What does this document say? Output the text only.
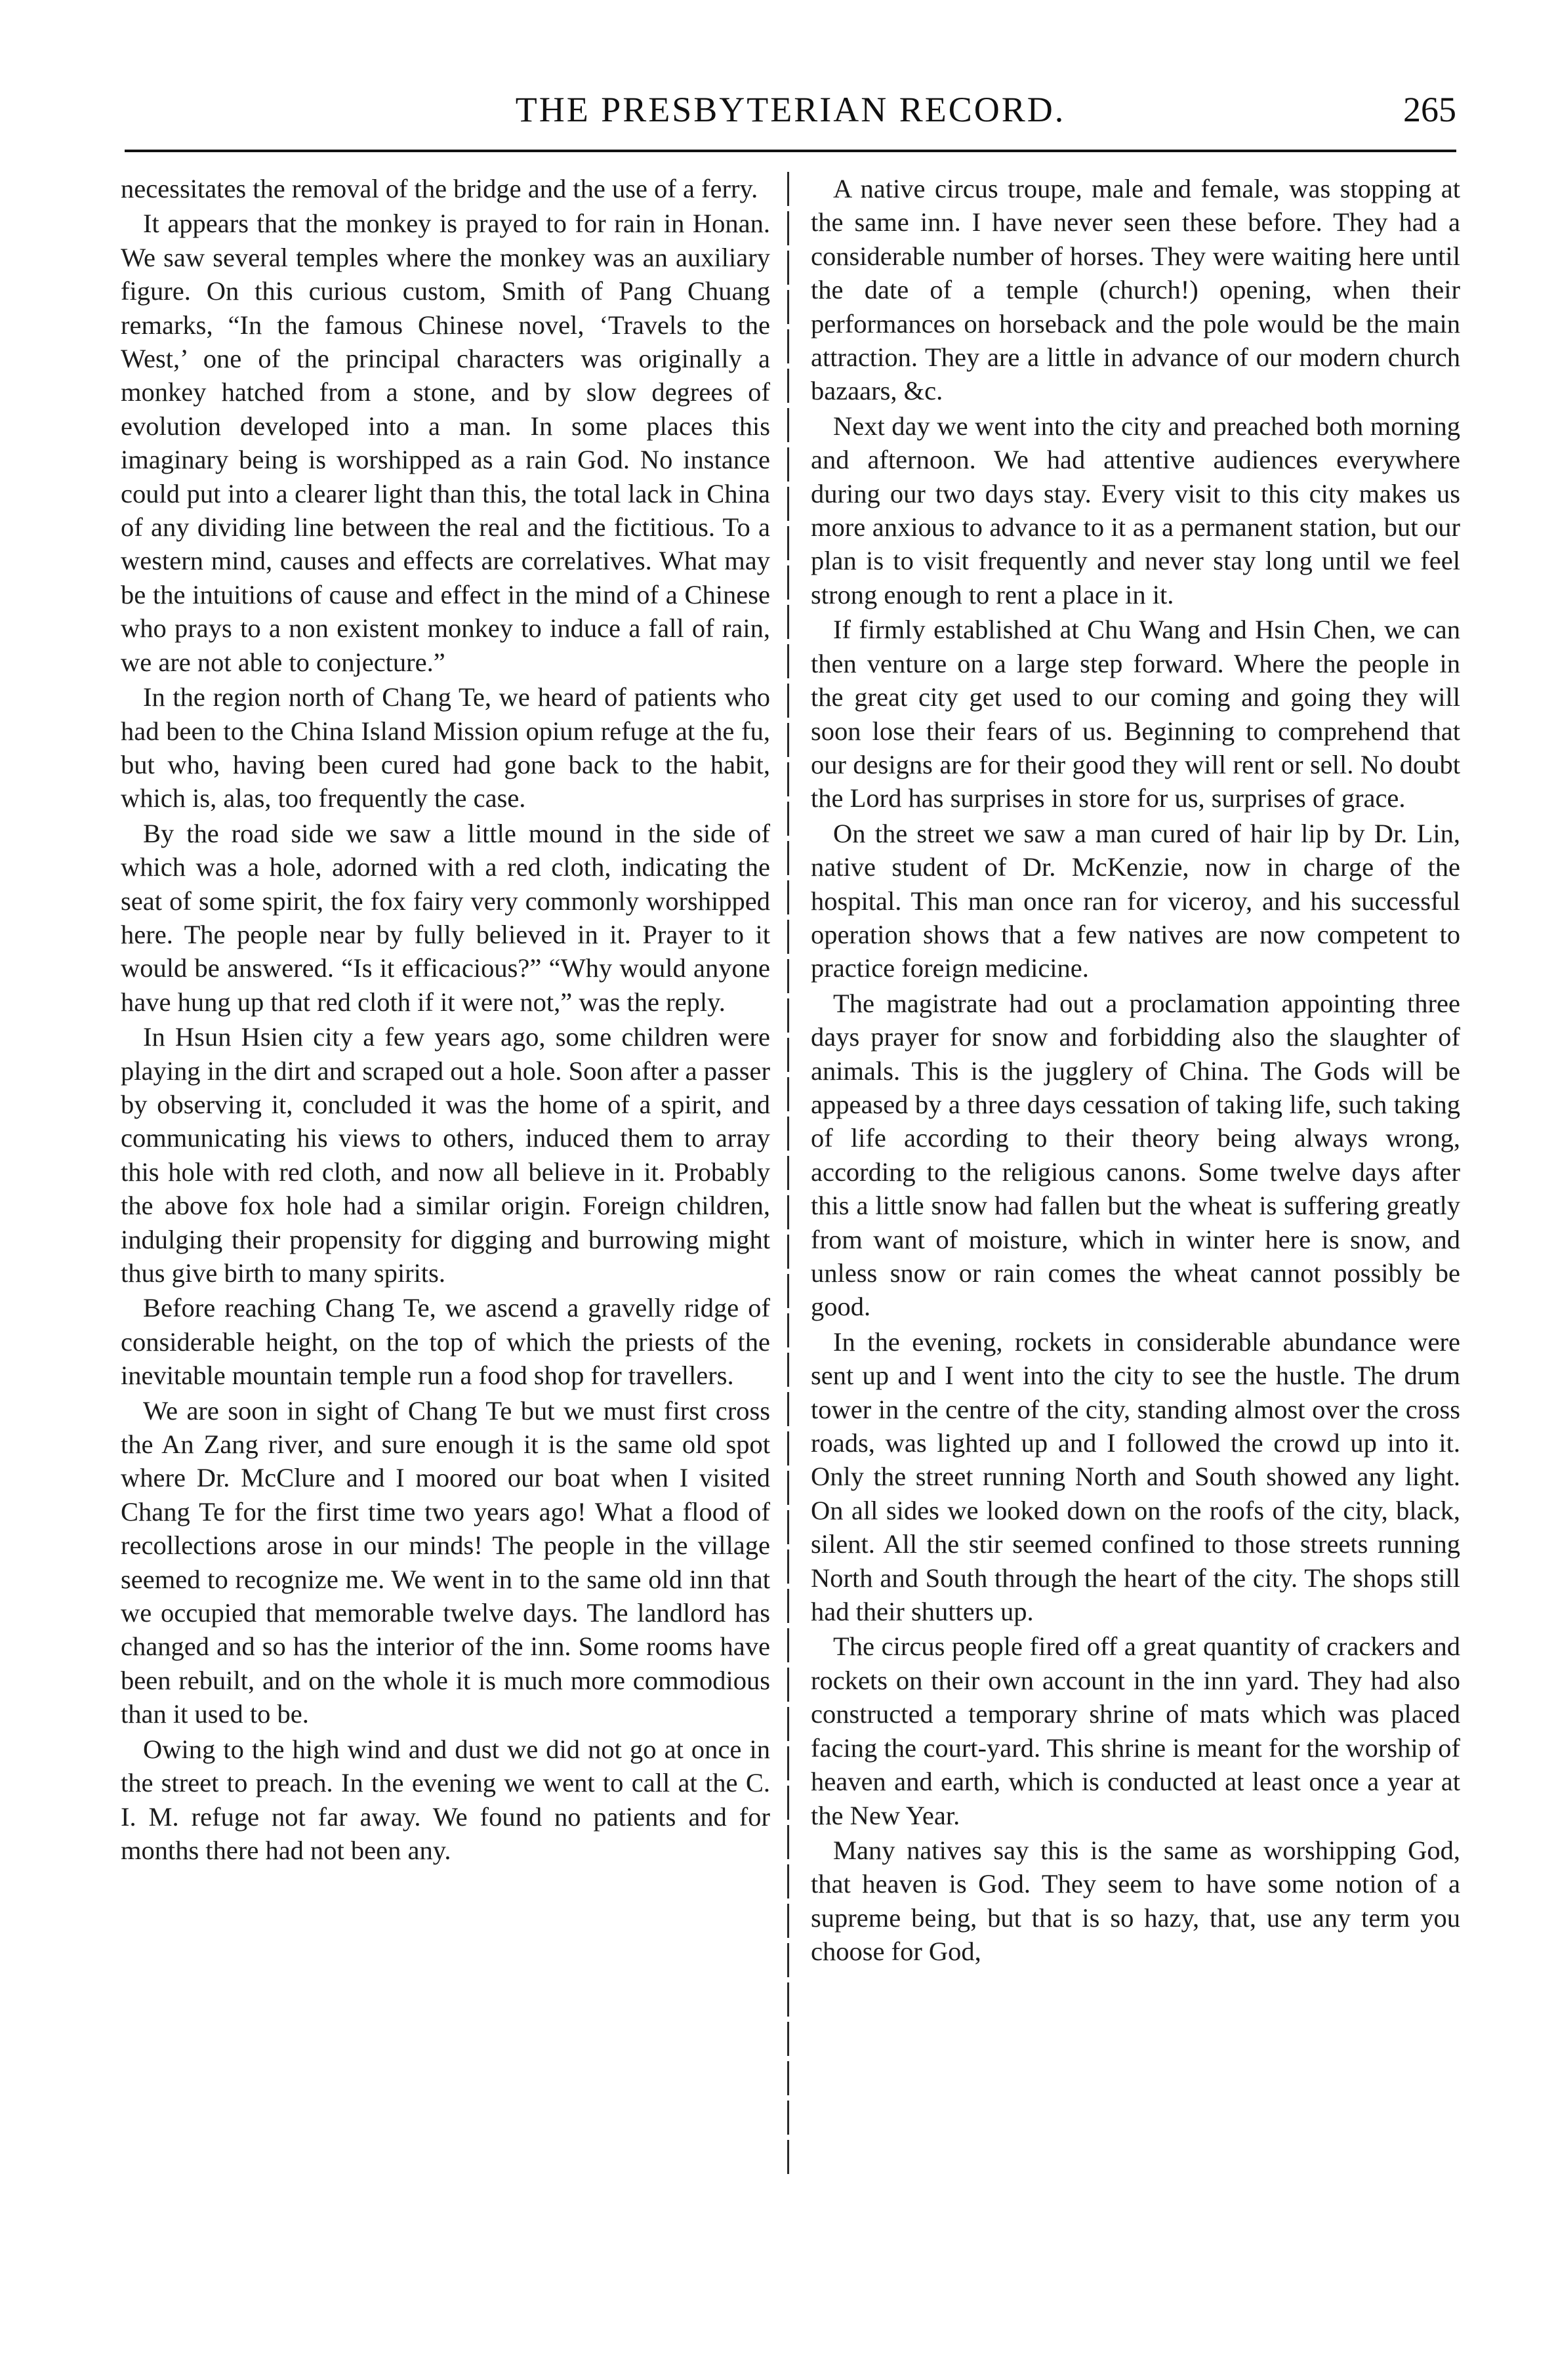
THE PRESBYTERIAN RECORD.	265

necessitates the removal of the bridge and the use of a ferry.

It appears that the monkey is prayed to for rain in Honan. We saw several temples where the monkey was an auxiliary figure. On this curious custom, Smith of Pang Chuang remarks, “In the famous Chinese novel, ‘Travels to the West,’ one of the principal characters was originally a monkey hatched from a stone, and by slow degrees of evolution developed into a man. In some places this imaginary being is worshipped as a rain God. No instance could put into a clearer light than this, the total lack in China of any dividing line between the real and the fictitious. To a western mind, causes and effects are correlatives. What may be the intuitions of cause and effect in the mind of a Chinese who prays to a non existent monkey to induce a fall of rain, we are not able to conjecture.”

In the region north of Chang Te, we heard of patients who had been to the China Island Mission opium refuge at the fu, but who, having been cured had gone back to the habit, which is, alas, too frequently the case.

By the road side we saw a little mound in the side of which was a hole, adorned with a red cloth, indicating the seat of some spirit, the fox fairy very commonly worshipped here. The people near by fully believed in it. Prayer to it would be answered. “Is it efficacious?” “Why would anyone have hung up that red cloth if it were not,” was the reply.

In Hsun Hsien city a few years ago, some children were playing in the dirt and scraped out a hole. Soon after a passer by observing it, concluded it was the home of a spirit, and communicating his views to others, induced them to array this hole with red cloth, and now all believe in it. Probably the above fox hole had a similar origin. Foreign children, indulging their propensity for digging and burrowing might thus give birth to many spirits.

Before reaching Chang Te, we ascend a gravelly ridge of considerable height, on the top of which the priests of the inevitable mountain temple run a food shop for travellers.

We are soon in sight of Chang Te but we must first cross the An Zang river, and sure enough it is the same old spot where Dr. McClure and I moored our boat when I visited Chang Te for the first time two years ago! What a flood of recollections arose in our minds! The people in the village seemed to recognize me. We went in to the same old inn that we occupied that memorable twelve days. The landlord has changed and so has the interior of the inn. Some rooms have been rebuilt, and on the whole it is much more commodious than it used to be.

Owing to the high wind and dust we did not go at once in the street to preach. In the evening we went to call at the C. I. M. refuge not far away. We found no patients and for months there had not been any.

A native circus troupe, male and female, was stopping at the same inn. I have never seen these before. They had a considerable number of horses. They were waiting here until the date of a temple (church!) opening, when their performances on horseback and the pole would be the main attraction. They are a little in advance of our modern church bazaars, &c.

Next day we went into the city and preached both morning and afternoon. We had attentive audiences everywhere during our two days stay. Every visit to this city makes us more anxious to advance to it as a permanent station, but our plan is to visit frequently and never stay long until we feel strong enough to rent a place in it.

If firmly established at Chu Wang and Hsin Chen, we can then venture on a large step forward. Where the people in the great city get used to our coming and going they will soon lose their fears of us. Beginning to comprehend that our designs are for their good they will rent or sell. No doubt the Lord has surprises in store for us, surprises of grace.

On the street we saw a man cured of hair lip by Dr. Lin, native student of Dr. McKenzie, now in charge of the hospital. This man once ran for viceroy, and his successful operation shows that a few natives are now competent to practice foreign medicine.

The magistrate had out a proclamation appointing three days prayer for snow and forbidding also the slaughter of animals. This is the jugglery of China. The Gods will be appeased by a three days cessation of taking life, such taking of life according to their theory being always wrong, according to the religious canons. Some twelve days after this a little snow had fallen but the wheat is suffering greatly from want of moisture, which in winter here is snow, and unless snow or rain comes the wheat cannot possibly be good.

In the evening, rockets in considerable abundance were sent up and I went into the city to see the hustle. The drum tower in the centre of the city, standing almost over the cross roads, was lighted up and I followed the crowd up into it. Only the street running North and South showed any light. On all sides we looked down on the roofs of the city, black, silent. All the stir seemed confined to those streets running North and South through the heart of the city. The shops still had their shutters up.

The circus people fired off a great quantity of crackers and rockets on their own account in the inn yard. They had also constructed a temporary shrine of mats which was placed facing the court-yard. This shrine is meant for the worship of heaven and earth, which is conducted at least once a year at the New Year.

Many natives say this is the same as worshipping God, that heaven is God. They seem to have some notion of a supreme being, but that is so hazy, that, use any term you choose for God,
